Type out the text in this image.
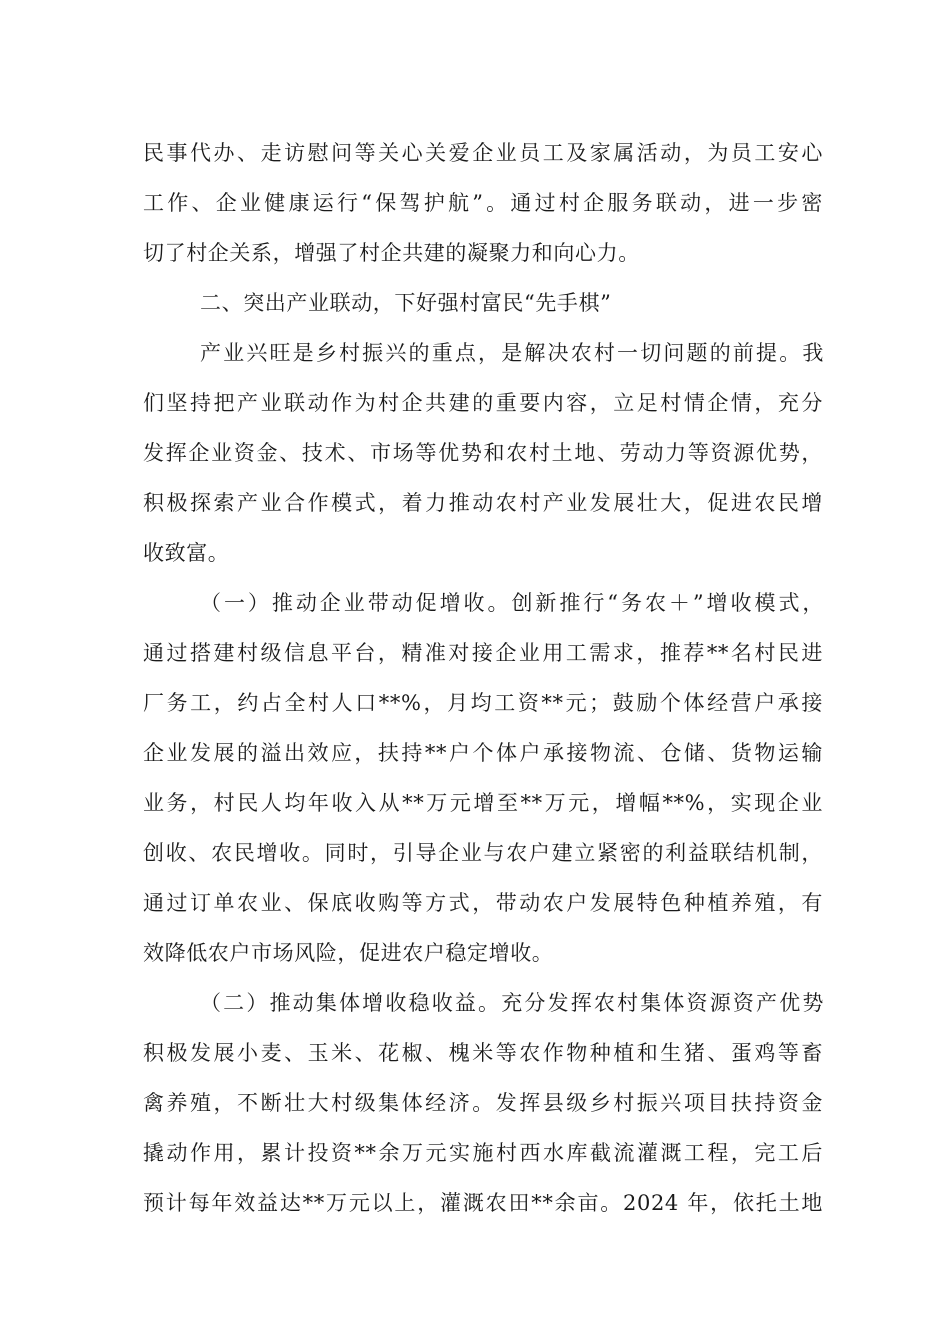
民事代办、走访慰问等关心关爱企业员工及家属活动，为员工安心
工作、企业健康运行“保驾护航”。通过村企服务联动，进一步密
切了村企关系，增强了村企共建的凝聚力和向心力。
二、突出产业联动，下好强村富民“先手棋”
产业兴旺是乡村振兴的重点，是解决农村一切问题的前提。我
们坚持把产业联动作为村企共建的重要内容，立足村情企情，充分
发挥企业资金、技术、市场等优势和农村土地、劳动力等资源优势，
积极探索产业合作模式，着力推动农村产业发展壮大，促进农民增
收致富。
（一）推动企业带动促增收。创新推行“务农＋”增收模式，
通过搭建村级信息平台，精准对接企业用工需求，推荐**名村民进
厂务工，约占全村人口**%，月均工资**元；鼓励个体经营户承接
企业发展的溢出效应，扶持**户个体户承接物流、仓储、货物运输
业务，村民人均年收入从**万元增至**万元，增幅**%，实现企业
创收、农民增收。同时，引导企业与农户建立紧密的利益联结机制，
通过订单农业、保底收购等方式，带动农户发展特色种植养殖，有
效降低农户市场风险，促进农户稳定增收。
（二）推动集体增收稳收益。充分发挥农村集体资源资产优势
积极发展小麦、玉米、花椒、槐米等农作物种植和生猪、蛋鸡等畜
禽养殖，不断壮大村级集体经济。发挥县级乡村振兴项目扶持资金
撬动作用，累计投资**余万元实施村西水库截流灌溉工程，完工后
预计每年效益达**万元以上，灌溉农田**余亩。2024 年，依托土地
